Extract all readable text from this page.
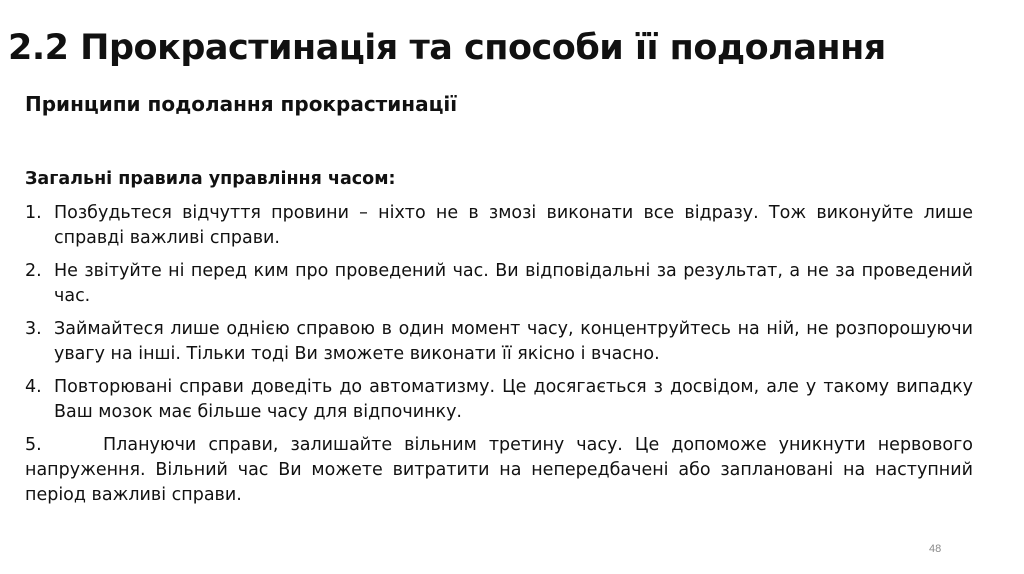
2.2 Прокрастинація та способи її подолання
Принципи подолання прокрастинації
Загальні правила управління часом:
1. Позбудьтеся відчуття провини – ніхто не в змозі виконати все відразу. Тож виконуйте лише справді важливі справи.
2. Не звітуйте ні перед ким про проведений час. Ви відповідальні за результат, а не за проведений час.
3. Займайтеся лише однією справою в один момент часу, концентруйтесь на ній, не розпорошуючи увагу на інші. Тільки тоді Ви зможете виконати її якісно і вчасно.
4. Повторювані справи доведіть до автоматизму. Це досягається з досвідом, але у такому випадку Ваш мозок має більше часу для відпочинку.
5.	Плануючи справи, залишайте вільним третину часу. Це допоможе уникнути нервового напруження. Вільний час Ви можете витратити на непередбачені або заплановані на наступний період важливі справи.
48
